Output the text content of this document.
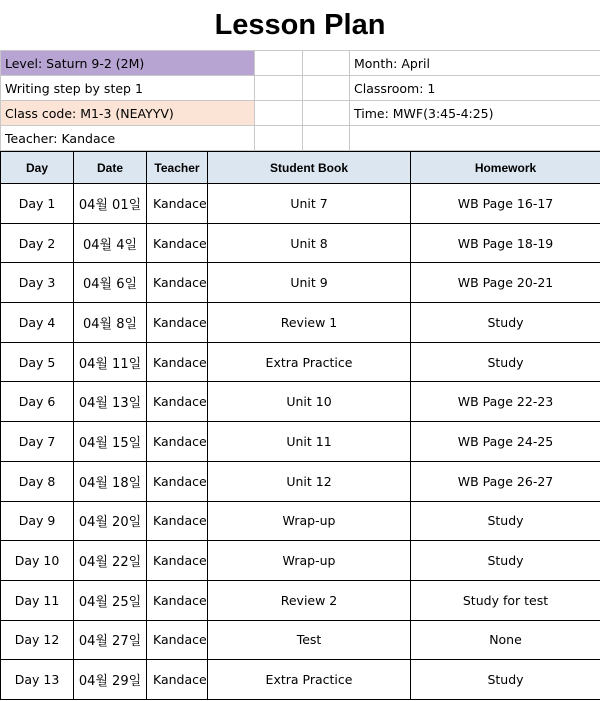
Lesson Plan
Level: Saturn 9-2 (2M)			Month: April
Writing step by step 1			Classroom: 1
Class code: M1-3 (NEAYYV)			Time: MWF(3:45-4:25)
Teacher: Kandace			
Day	Date	Teacher	Student Book	Homework
Day 1	04월 01일	Kandace	Unit 7	WB Page 16-17
Day 2	04월 4일	Kandace	Unit 8	WB Page 18-19
Day 3	04월 6일	Kandace	Unit 9	WB Page 20-21
Day 4	04월 8일	Kandace	Review 1	Study
Day 5	04월 11일	Kandace	Extra Practice	Study
Day 6	04월 13일	Kandace	Unit 10	WB Page 22-23
Day 7	04월 15일	Kandace	Unit 11	WB Page 24-25
Day 8	04월 18일	Kandace	Unit 12	WB Page 26-27
Day 9	04월 20일	Kandace	Wrap-up	Study
Day 10	04월 22일	Kandace	Wrap-up	Study
Day 11	04월 25일	Kandace	Review 2	Study for test
Day 12	04월 27일	Kandace	Test	None
Day 13	04월 29일	Kandace	Extra Practice	Study
